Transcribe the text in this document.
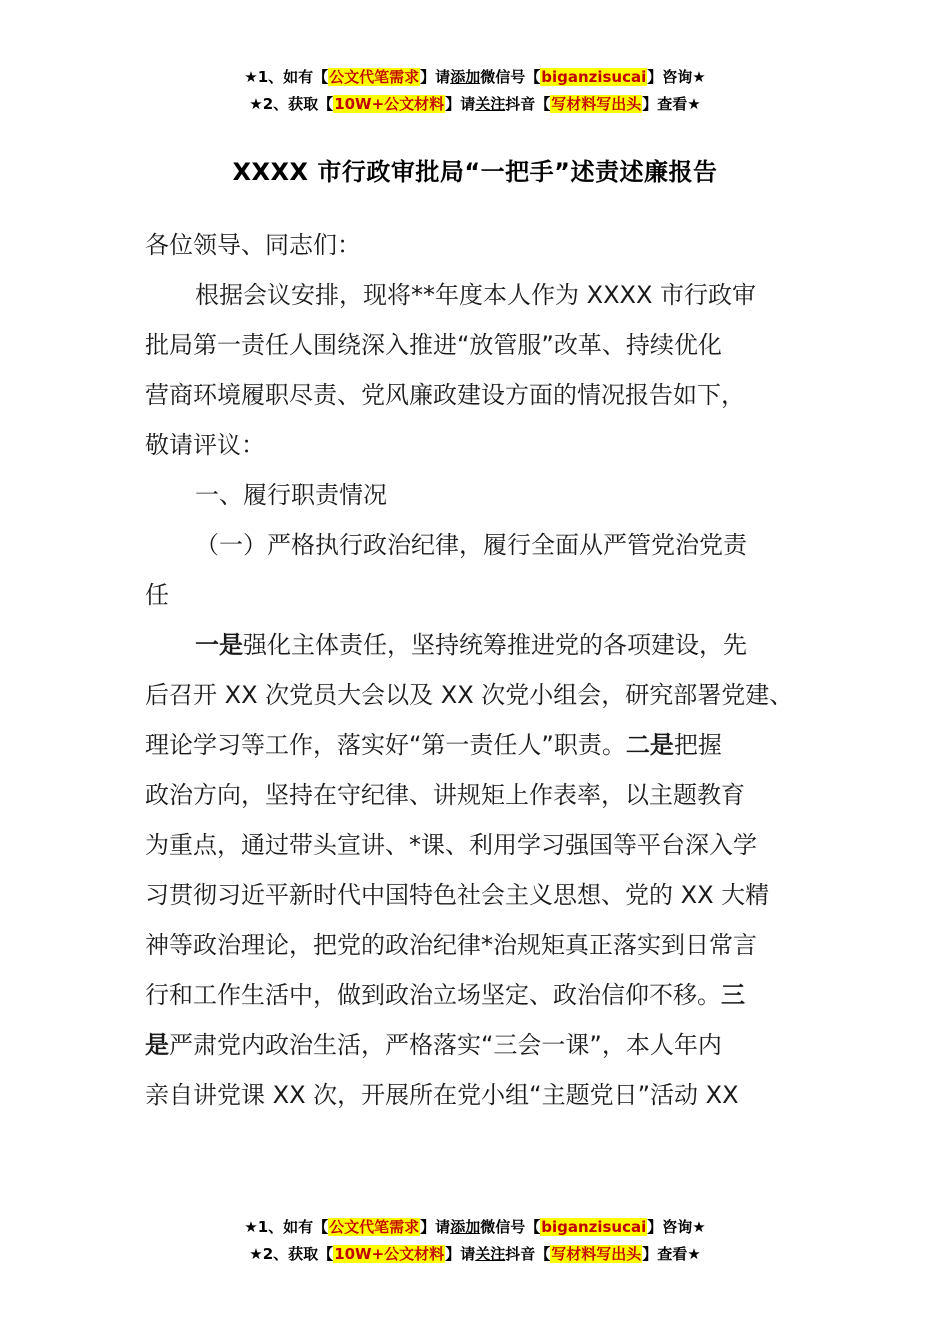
★1、如有【公文代笔需求】请添加微信号【biganzisucai】咨询★
★2、获取【10W+公文材料】请关注抖音【写材料写出头】查看★
XXXX 市行政审批局“一把手”述责述廉报告

各位领导、同志们：

根据会议安排，现将**年度本人作为 XXXX 市行政审
批局第一责任人围绕深入推进“放管服”改革、持续优化
营商环境履职尽责、党风廉政建设方面的情况报告如下，
敬请评议：

一、履行职责情况

（一）严格执行政治纪律，履行全面从严管党治党责
任

一是强化主体责任，坚持统筹推进党的各项建设，先
后召开 XX 次党员大会以及 XX 次党小组会，研究部署党建、
理论学习等工作，落实好“第一责任人”职责。二是把握
政治方向，坚持在守纪律、讲规矩上作表率，以主题教育
为重点，通过带头宣讲、*课、利用学习强国等平台深入学
习贯彻习近平新时代中国特色社会主义思想、党的 XX 大精
神等政治理论，把党的政治纪律*治规矩真正落实到日常言
行和工作生活中，做到政治立场坚定、政治信仰不移。三
是严肃党内政治生活，严格落实“三会一课”，本人年内
亲自讲党课 XX 次，开展所在党小组“主题党日”活动 XX

★1、如有【公文代笔需求】请添加微信号【biganzisucai】咨询★
★2、获取【10W+公文材料】请关注抖音【写材料写出头】查看★
